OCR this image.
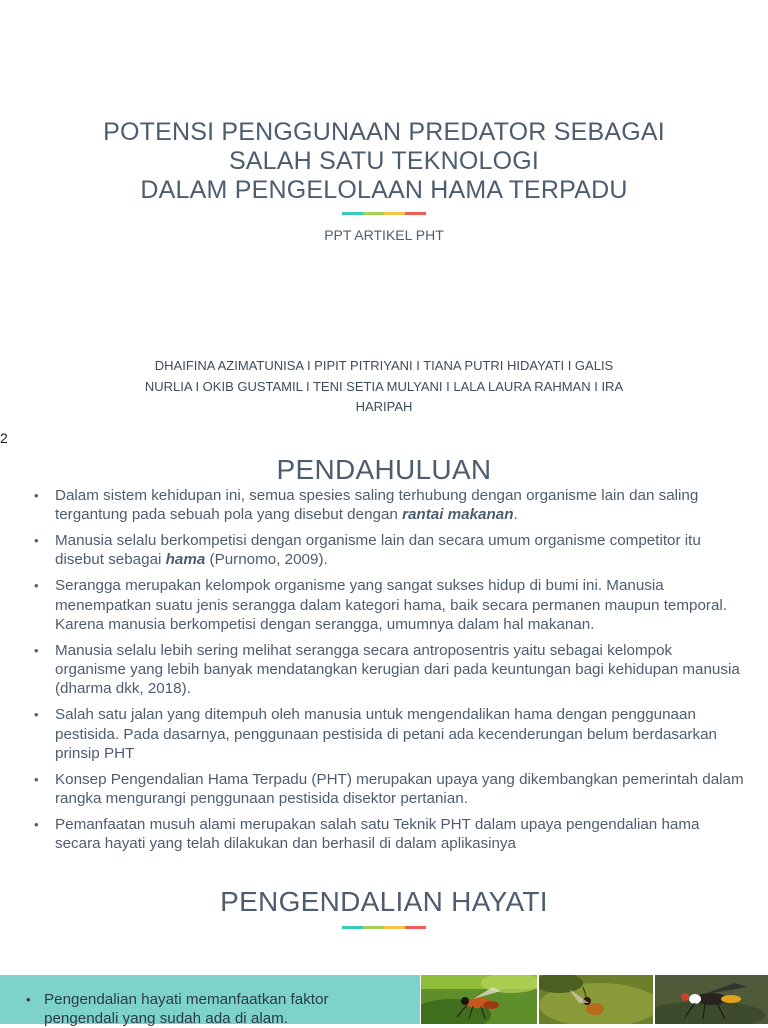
POTENSI PENGGUNAAN PREDATOR SEBAGAI
SALAH SATU TEKNOLOGI
DALAM PENGELOLAAN HAMA TERPADU
PPT ARTIKEL PHT
DHAIFINA AZIMATUNISA I PIPIT PITRIYANI I TIANA PUTRI HIDAYATI I GALIS
NURLIA I OKIB GUSTAMIL I TENI SETIA MULYANI I LALA LAURA RAHMAN I IRA
HARIPAH
2
PENDAHULUAN
• Dalam sistem kehidupan ini, semua spesies saling terhubung dengan organisme lain dan saling tergantung pada sebuah pola yang disebut dengan rantai makanan.
• Manusia selalu berkompetisi dengan organisme lain dan secara umum organisme competitor itu disebut sebagai hama (Purnomo, 2009).
• Serangga merupakan kelompok organisme yang sangat sukses hidup di bumi ini. Manusia menempatkan suatu jenis serangga dalam kategori hama, baik secara permanen maupun temporal. Karena manusia berkompetisi dengan serangga, umumnya dalam hal makanan.
• Manusia selalu lebih sering melihat serangga secara antroposentris yaitu sebagai kelompok organisme yang lebih banyak mendatangkan kerugian dari pada keuntungan bagi kehidupan manusia (dharma dkk, 2018).
• Salah satu jalan yang ditempuh oleh manusia untuk mengendalikan hama dengan penggunaan pestisida. Pada dasarnya, penggunaan pestisida di petani ada kecenderungan belum berdasarkan prinsip PHT
• Konsep Pengendalian Hama Terpadu (PHT) merupakan upaya yang dikembangkan pemerintah dalam rangka mengurangi penggunaan pestisida disektor pertanian.
• Pemanfaatan musuh alami merupakan salah satu Teknik PHT dalam upaya pengendalian hama secara hayati yang telah dilakukan dan berhasil di dalam aplikasinya
PENGENDALIAN HAYATI
• Pengendalian hayati memanfaatkan faktor pengendali yang sudah ada di alam.
